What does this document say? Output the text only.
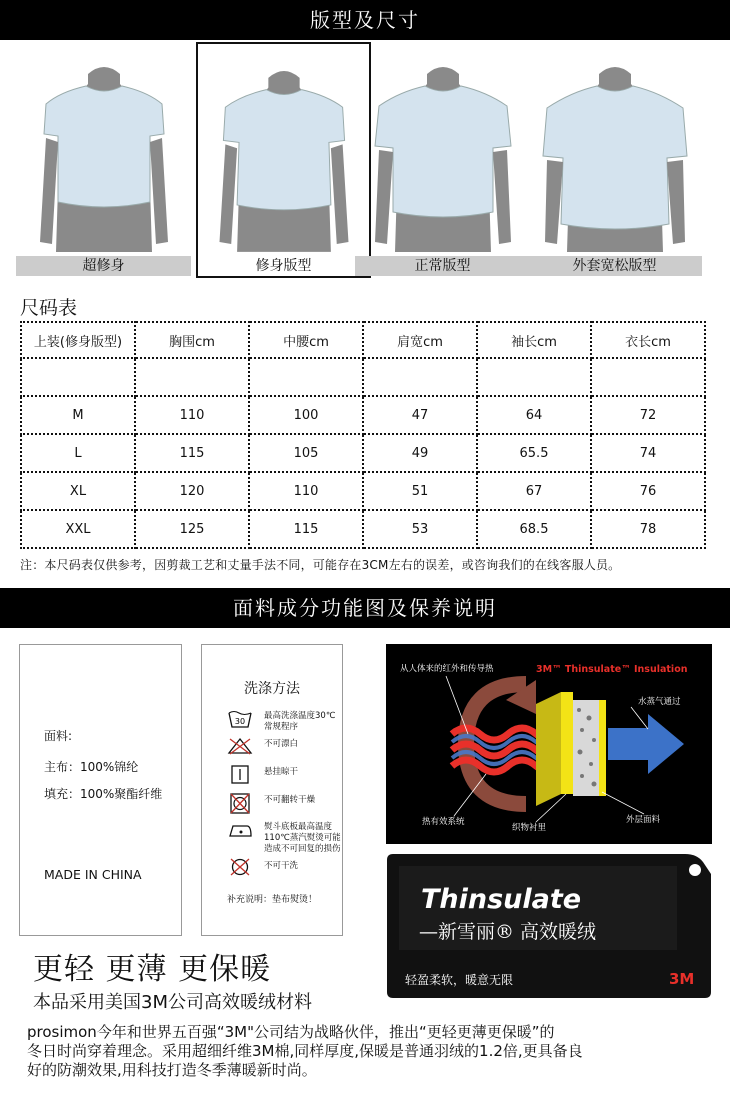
版型及尺寸
超修身	修身版型	正常版型	外套宽松版型
尺码表
上装(修身版型)	胸围cm	中腰cm	肩宽cm	袖长cm	衣长cm

M	110	100	47	64	72
L	115	105	49	65.5	74
XL	120	110	51	67	76
XXL	125	115	53	68.5	78
注：本尺码表仅供参考，因剪裁工艺和丈量手法不同，可能存在3CM左右的误差，或咨询我们的在线客服人员。
面料成分功能图及保养说明
面料:
主布：100%锦纶
填充：100%聚酯纤维
MADE IN CHINA
洗涤方法
30
最高洗涤温度30℃ 常规程序
不可漂白
悬挂晾干
不可翻转干燥
熨斗底板最高温度110℃蒸汽熨烫可能造成不可回复的损伤
不可干洗
补充说明：垫布熨烫！
从人体来的红外和传导热	3M™ Thinsulate™ Insulation
水蒸气通过
热有效系统
织物衬里
外层面料
Thinsulate
—新雪丽® 高效暖绒
轻盈柔软，暖意无限	3M
更轻 更薄 更保暖
本品采用美国3M公司高效暖绒材料
prosimon今年和世界五百强“3M"公司结为战略伙伴，推出“更轻更薄更保暖”的
冬日时尚穿着理念。采用超细纤维3M棉,同样厚度,保暖是普通羽绒的1.2倍,更具备良
好的防潮效果,用科技打造冬季薄暖新时尚。
